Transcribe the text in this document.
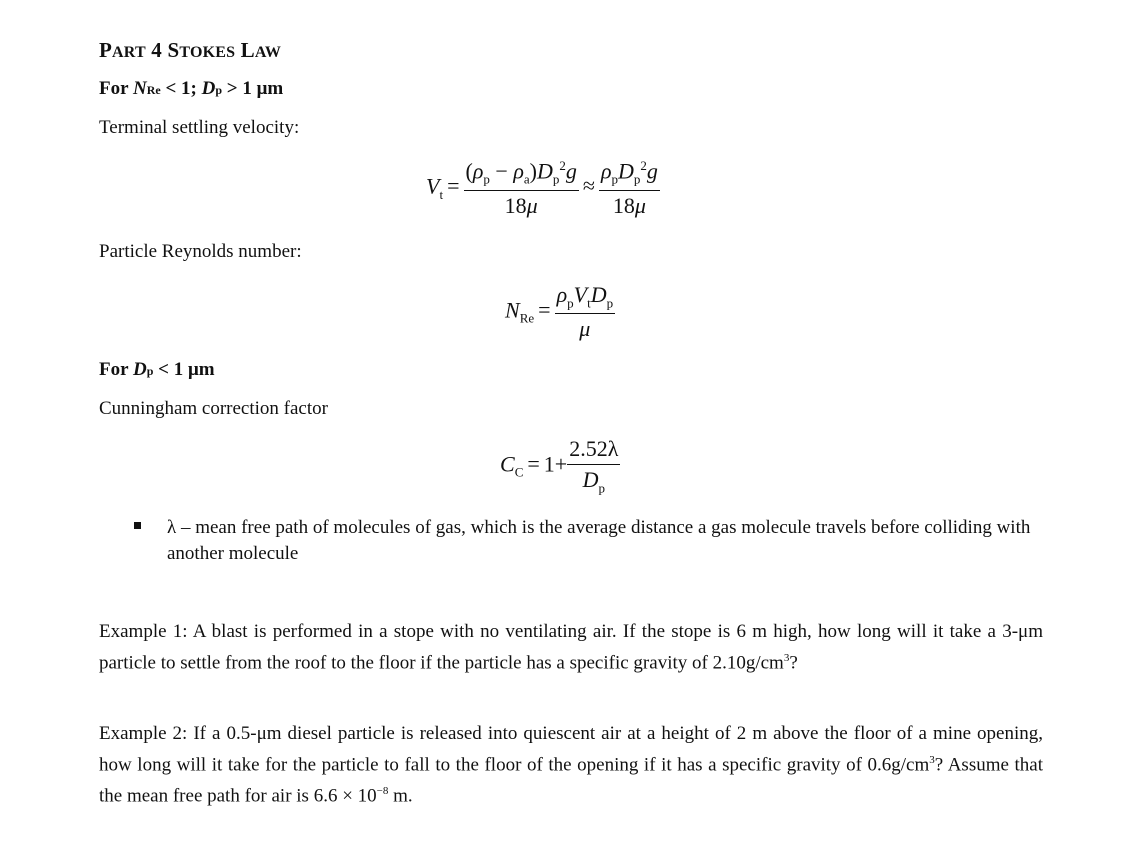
PART 4 STOKES LAW
For NRe < 1; Dp > 1 μm
Terminal settling velocity:
$V_t = \frac{(\rho_p - \rho_a)D_p^2g}{18\mu} \approx \frac{\rho_pD_p^2g}{18\mu}$
Particle Reynolds number:
$N_{Re} = \frac{\rho_pV_tD_p}{\mu}$
For Dp < 1 μm
Cunningham correction factor
$C_C = 1+ \frac{2.52\lambda}{D_p}$
λ – mean free path of molecules of gas, which is the average distance a gas molecule travels before colliding with another molecule
Example 1: A blast is performed in a stope with no ventilating air. If the stope is 6 m high, how long will it take a 3-μm particle to settle from the roof to the floor if the particle has a specific gravity of $2.10g/cm^3$?
Example 2: If a 0.5-μm diesel particle is released into quiescent air at a height of 2 m above the floor of a mine opening, how long will it take for the particle to fall to the floor of the opening if it has a specific gravity of $0.6g/cm^3$? Assume that the mean free path for air is $6.6 \times 10^{-8}$ m.
